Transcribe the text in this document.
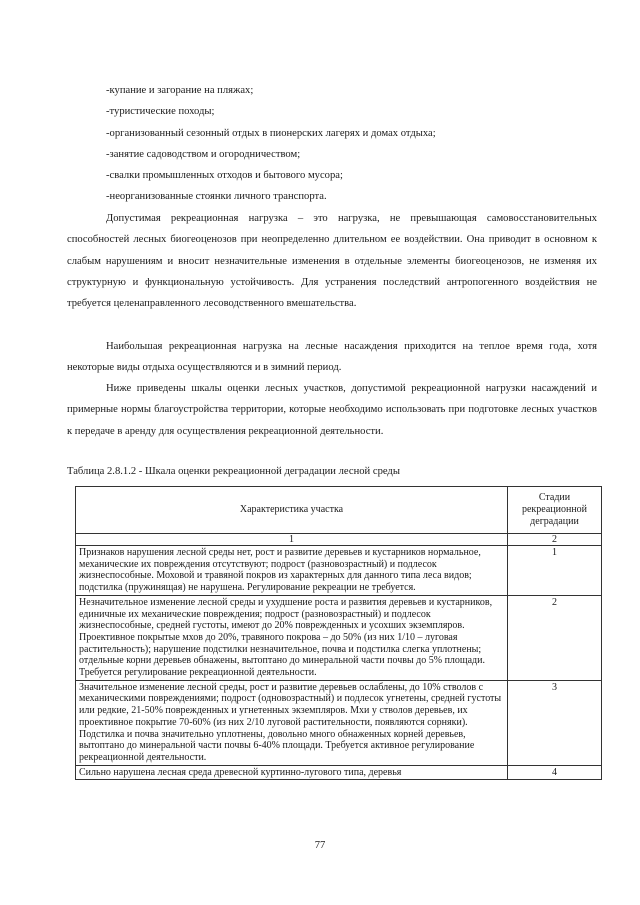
-купание и загорание на пляжах;
-туристические походы;
-организованный сезонный отдых в пионерских лагерях и домах отдыха;
-занятие садоводством и огородничеством;
-свалки промышленных отходов и бытового мусора;
-неорганизованные стоянки личного транспорта.

Допустимая рекреационная нагрузка – это нагрузка, не превышающая самовосстановительных способностей лесных биогеоценозов при неопределенно длительном ее воздействии. Она приводит в основном к слабым нарушениям и вносит незначительные изменения в отдельные элементы биогеоценозов, не изменяя их структурную и функциональную устойчивость. Для устранения последствий антропогенного воздействия не требуется целенаправленного лесоводственного вмешательства.

Наибольшая рекреационная нагрузка на лесные насаждения приходится на теплое время года, хотя некоторые виды отдыха осуществляются и в зимний период.

Ниже приведены шкалы оценки лесных участков, допустимой рекреационной нагрузки насаждений и примерные нормы благоустройства территории, которые необходимо использовать при подготовке лесных участков к передаче в аренду для осуществления рекреационной деятельности.

Таблица 2.8.1.2 - Шкала оценки рекреационной деградации лесной среды
Характеристика участка	Стадии рекреационной деградации
1	2
Признаков нарушения лесной среды нет, рост и развитие деревьев и кустарников нормальное, механические их повреждения отсутствуют; подрост (разновозрастный) и подлесок жизнеспособные. Моховой и травяной покров из характерных для данного типа леса видов; подстилка (пружинящая) не нарушена. Регулирование рекреации не требуется.	1
Незначительное изменение лесной среды и ухудшение роста и развития деревьев и кустарников, единичные их механические повреждения; подрост (разновозрастный) и подлесок жизнеспособные, средней густоты, имеют до 20% поврежденных и усохших экземпляров. Проективное покрытые мхов до 20%, травяного покрова – до 50% (из них 1/10 – луговая растительность); нарушение подстилки незначительное, почва и подстилка слегка уплотнены; отдельные корни деревьев обнажены, вытоптано до минеральной части почвы до 5% площади. Требуется регулирование рекреационной деятельности.	2
Значительное изменение лесной среды, рост и развитие деревьев ослаблены, до 10% стволов с механическими повреждениями; подрост (одновозрастный) и подлесок угнетены, средней густоты или редкие, 21-50% поврежденных и угнетенных экземпляров. Мхи у стволов деревьев, их проективное покрытие 70-60% (из них 2/10 луговой растительности, появляются сорняки). Подстилка и почва значительно уплотнены, довольно много обнаженных корней деревьев, вытоптано до минеральной части почвы 6-40% площади. Требуется активное регулирование рекреационной деятельности.	3
Сильно нарушена лесная среда древесной куртинно-лугового типа, деревья	4
77
